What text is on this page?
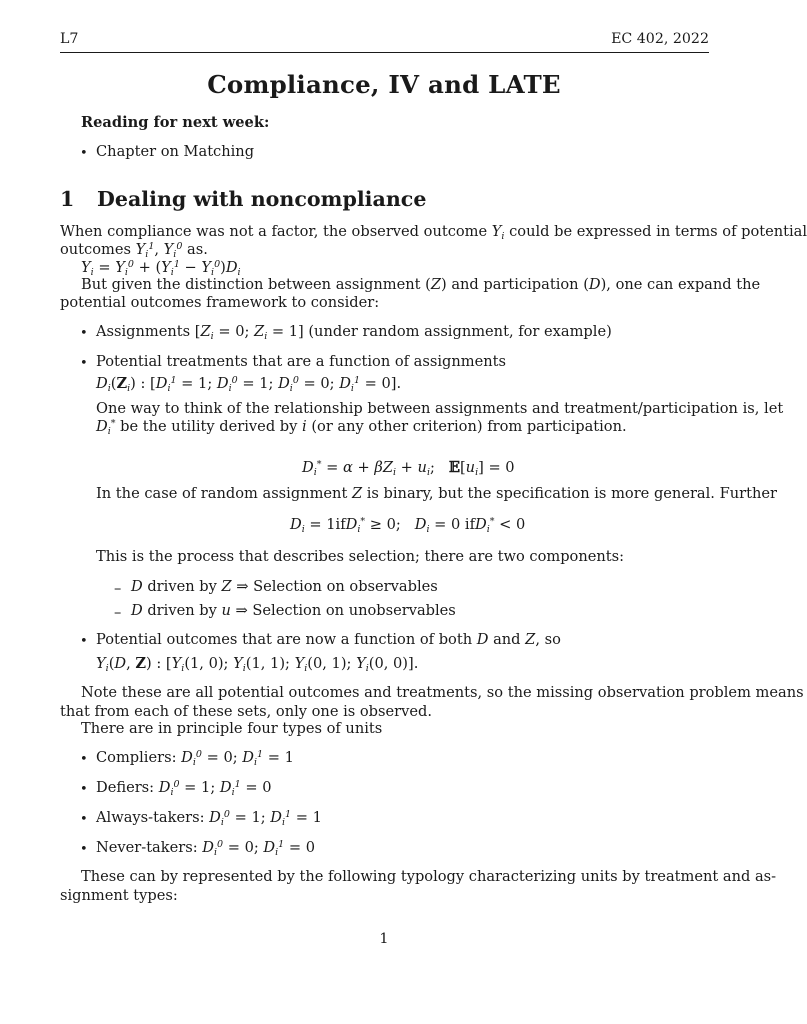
L7	EC 402, 2022
Compliance, IV and LATE
Reading for next week:
• Chapter on Matching
1 Dealing with noncompliance
When compliance was not a factor, the observed outcome $Y_i$ could be expressed in terms of potential
outcomes $Y_i^1$, $Y_i^0$ as.
$Y_i = Y_i^0 + (Y_i^1 - Y_i^0)D_i$
But given the distinction between assignment (Z) and participation (D), one can expand the
potential outcomes framework to consider:
• Assignments [$Z_i = 0$; $Z_i = 1$] (under random assignment, for example)
• Potential treatments that are a function of assignments
$D_i(Z_i)$ : [$D_i^1 = 1$; $D_i^0 = 1$; $D_i^0 = 0$; $D_i^1 = 0$].
One way to think of the relationship between assignments and treatment/participation is, let
$D_i^*$ be the utility derived by i (or any other criterion) from participation.
$D_i^* = \alpha + \beta Z_i + u_i$;   $𝔼[u_i] = 0$
In the case of random assignment Z is binary, but the specification is more general. Further
$D_i = 1ifD_i^* \ge 0$;   $D_i = 0$ ifD$_i$* < 0
This is the process that describes selection; there are two components:
– D driven by Z ⇒ Selection on observables
– D driven by u ⇒ Selection on unobservables
• Potential outcomes that are now a function of both D and Z, so
$Y_i(D$, Z) : [$Y_i(1$, 0); $Y_i(1$, 1); $Y_i(0$, 1); $Y_i(0$, 0)].
Note these are all potential outcomes and treatments, so the missing observation problem means
that from each of these sets, only one is observed.
There are in principle four types of units
• Compliers: $D_i^0 = 0$; $D_i^1 = 1$
• Defiers: $D_i^0 = 1$; $D_i^1 = 0$
• Always-takers: $D_i^0 = 1$; $D_i^1 = 1$
• Never-takers: $D_i^0 = 0$; $D_i^1 = 0$
These can by represented by the following typology characterizing units by treatment and as-
signment types:
1
